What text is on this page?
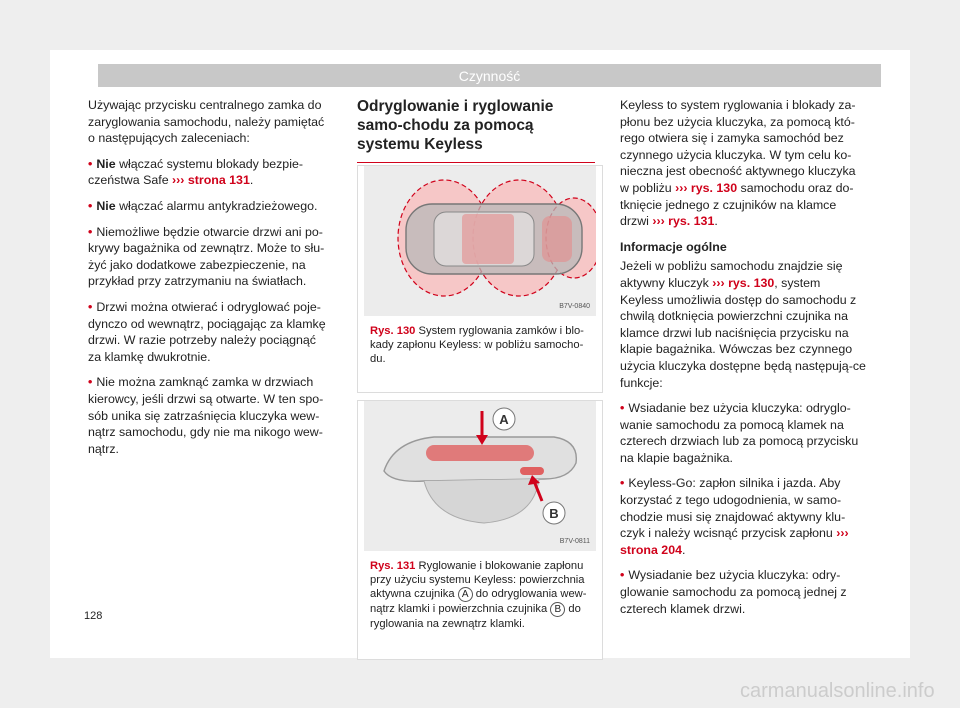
Czynność

Używając przycisku centralnego zamka do zaryglowania samochodu, należy pamiętać o następujących zaleceniach:

• Nie włączać systemu blokady bezpie-czeństwa Safe ››› strona 131.

• Nie włączać alarmu antykradzieżowego.

• Niemożliwe będzie otwarcie drzwi ani po-krywy bagażnika od zewnątrz. Może to słu-żyć jako dodatkowe zabezpieczenie, na przykład przy zatrzymaniu na światłach.

• Drzwi można otwierać i odryglować poje-dynczo od wewnątrz, pociągając za klamkę drzwi. W razie potrzeby należy pociągnąć za klamkę dwukrotnie.

• Nie można zamknąć zamka w drzwiach kierowcy, jeśli drzwi są otwarte. W ten spo-sób unika się zatrzaśnięcia kluczyka wew-nątrz samochodu, gdy nie ma nikogo wew-nątrz.

Odryglowanie i ryglowanie samo-chodu za pomocą systemu Keyless
B7V-0840
Rys. 130 System ryglowania zamków i blo-kady zapłonu Keyless: w pobliżu samocho-du.
A
B
B7V-0811
Rys. 131 Ryglowanie i blokowanie zapłonu przy użyciu systemu Keyless: powierzchnia aktywna czujnika A do odryglowania wew-nątrz klamki i powierzchnia czujnika B do ryglowania na zewnątrz klamki.

Keyless to system ryglowania i blokady za-płonu bez użycia kluczyka, za pomocą któ-rego otwiera się i zamyka samochód bez czynnego użycia kluczyka. W tym celu ko-nieczna jest obecność aktywnego kluczyka w pobliżu ››› rys. 130 samochodu oraz do-tknięcie jednego z czujników na klamce drzwi ››› rys. 131.

Informacje ogólne

Jeżeli w pobliżu samochodu znajdzie się aktywny kluczyk ››› rys. 130, system Keyless umożliwia dostęp do samochodu z chwilą dotknięcia powierzchni czujnika na klamce drzwi lub naciśnięcia przycisku na klapie bagażnika. Wówczas bez czynnego użycia kluczyka dostępne będą następują-ce funkcje:

• Wsiadanie bez użycia kluczyka: odryglo-wanie samochodu za pomocą klamek na czterech drzwiach lub za pomocą przycisku na klapie bagażnika.

• Keyless-Go: zapłon silnika i jazda. Aby korzystać z tego udogodnienia, w samo-chodzie musi się znajdować aktywny klu-czyk i należy wcisnąć przycisk zapłonu ››› strona 204.

• Wysiadanie bez użycia kluczyka: odry-glowanie samochodu za pomocą jednej z czterech klamek drzwi.

128
carmanualsonline.info
